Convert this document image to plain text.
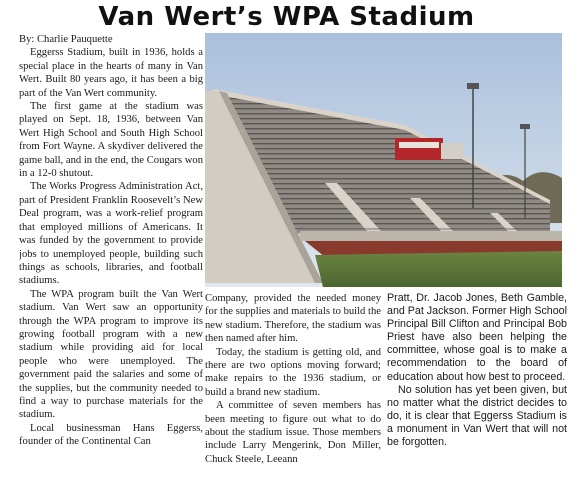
Van Wert’s WPA Stadium

By: Charlie Pauquette

Eggerss Stadium, built in 1936, holds a special place in the hearts of many in Van Wert. Built 80 years ago, it has been a big part of the Van Wert community.

The first game at the stadium was played on Sept. 18, 1936, between Van Wert High School and South High School from Fort Wayne. A skydiver delivered the game ball, and in the end, the Cougars won in a 12-0 shutout.

The Works Progress Administration Act, part of President Franklin Roosevelt’s New Deal program, was a work-relief program that employed millions of Americans. It was funded by the government to provide jobs to unemployed people, building such things as schools, libraries, and football stadiums.

The WPA program built the Van Wert stadium. Van Wert saw an opportunity through the WPA program to improve its growing football program with a new stadium while providing aid for local people who were unemployed. The government paid the salaries and some of the supplies, but the community needed to find a way to purchase materials for the stadium.

Local businessman Hans Eggerss, founder of the Continental Can

Company, provided the needed money for the supplies and materials to build the new stadium. Therefore, the stadium was then named after him.

Today, the stadium is getting old, and there are two options moving forward; make repairs to the 1936 stadium, or build a brand new stadium.

A committee of seven members has been meeting to figure out what to do about the stadium issue. Those members include Larry Mengerink, Don Miller, Chuck Steele, Leeann

Pratt, Dr. Jacob Jones, Beth Gamble, and Pat Jackson. Former High School Principal Bill Clifton and Principal Bob Priest have also been helping the committee, whose goal is to make a recommendation to the board of education about how best to proceed.

No solution has yet been given, but no matter what the district decides to do, it is clear that Eggerss Stadium is a monument in Van Wert that will not be forgotten.
